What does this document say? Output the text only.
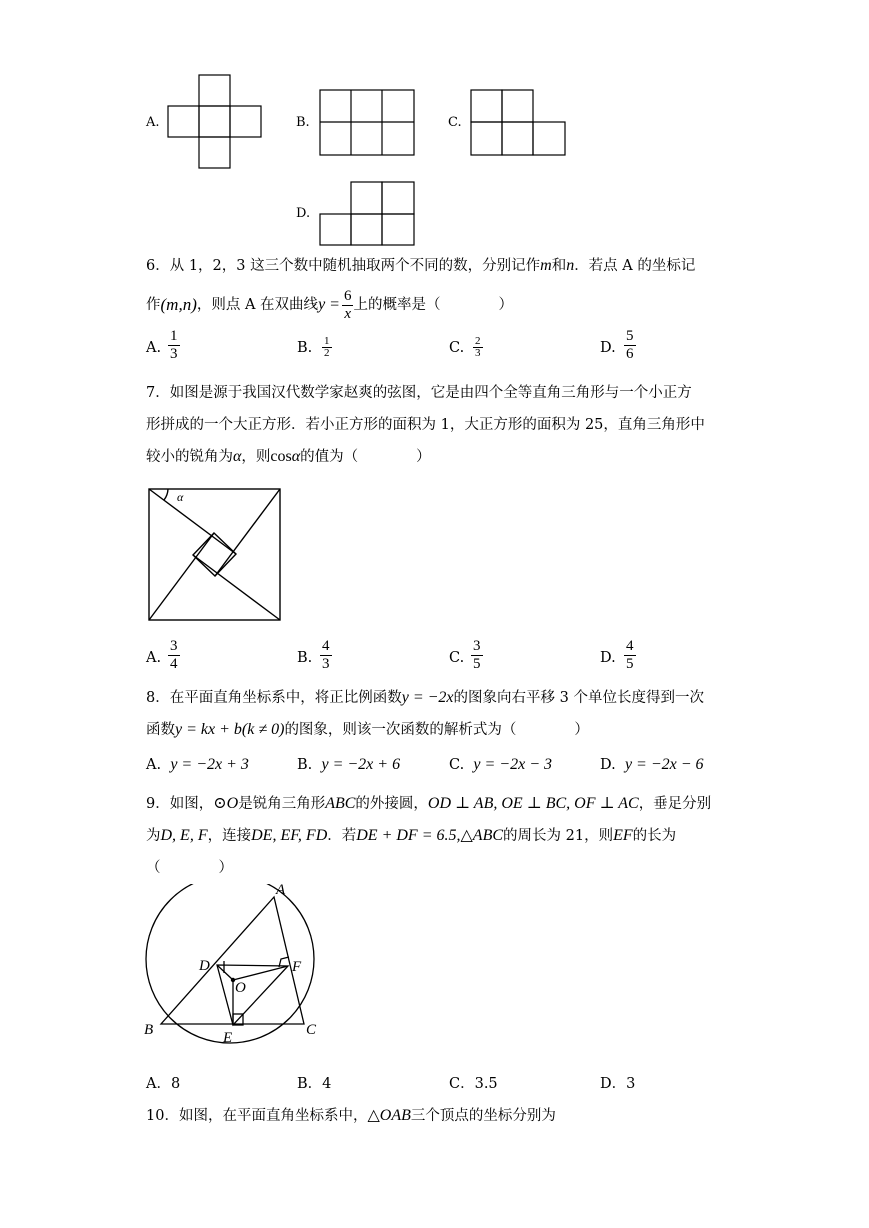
A.	B.	C.
D.
6．从 1，2，3 这三个数中随机抽取两个不同的数，分别记作m和n．若点 A 的坐标记
作 (m,n) ，则点 A 在双曲线 $y = \frac{6}{x}$ 上的概率是（　　　　）
A. $\frac{1}{3}$	B. $\frac{1}{2}$	C. $\frac{2}{3}$	D. $\frac{5}{6}$
7．如图是源于我国汉代数学家赵爽的弦图，它是由四个全等直角三角形与一个小正方
形拼成的一个大正方形．若小正方形的面积为 1，大正方形的面积为 25，直角三角形中
较小的锐角为α，则cosα的值为（　　　　）
α
A. $\frac{3}{4}$	B. $\frac{4}{3}$	C. $\frac{3}{5}$	D. $\frac{4}{5}$
8．在平面直角坐标系中，将正比例函数y = −2x的图象向右平移 3 个单位长度得到一次
函数y = kx + b(k ≠ 0)的图象，则该一次函数的解析式为（　　　　）
A. y = −2x + 3	B. y = −2x + 6	C. y = −2x − 3	D. y = −2x − 6
9．如图，⊙O是锐角三角形ABC的外接圆，OD ⊥ AB, OE ⊥ BC, OF ⊥ AC，垂足分别
为D, E, F，连接DE, EF, FD．若DE + DF = 6.5,△ABC的周长为 21，则EF的长为
（　　　　）
A
B	C
D
E
F
O
A．8	B．4	C．3.5	D．3
10．如图，在平面直角坐标系中，△OAB三个顶点的坐标分别为
